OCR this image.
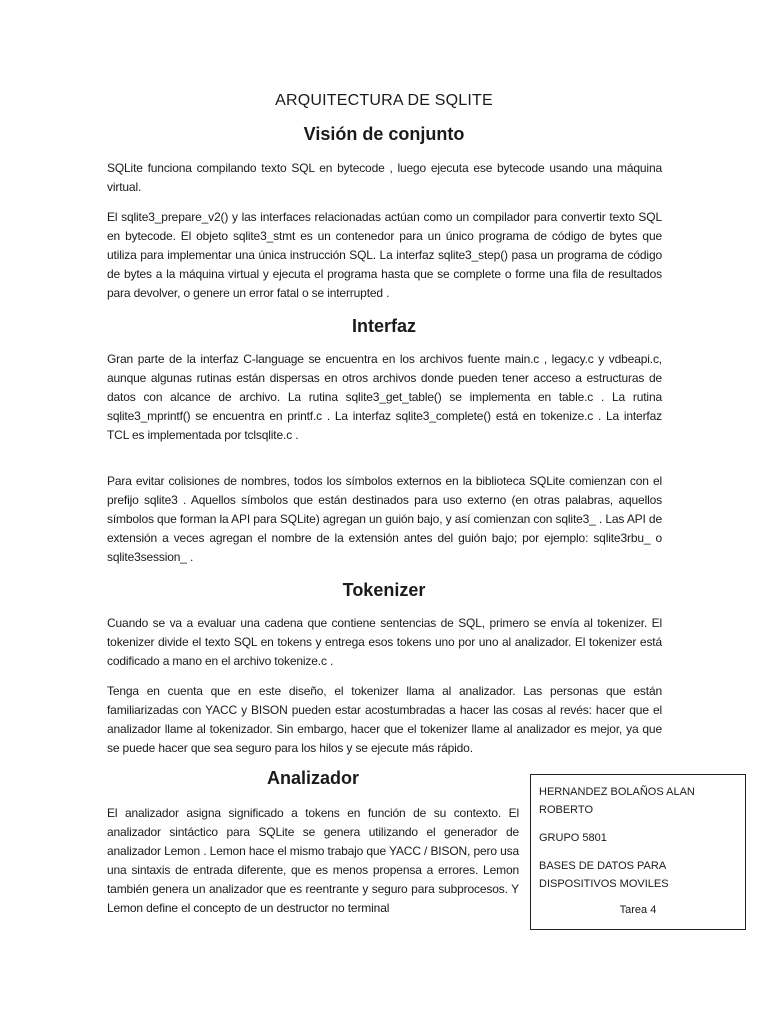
ARQUITECTURA DE SQLITE
Visión de conjunto

SQLite funciona compilando texto SQL en bytecode , luego ejecuta ese bytecode usando una máquina virtual.

El sqlite3_prepare_v2() y las interfaces relacionadas actúan como un compilador para convertir texto SQL en bytecode. El objeto sqlite3_stmt es un contenedor para un único programa de código de bytes que utiliza para implementar una única instrucción SQL. La interfaz sqlite3_step() pasa un programa de código de bytes a la máquina virtual y ejecuta el programa hasta que se complete o forme una fila de resultados para devolver, o genere un error fatal o se interrupted .

Interfaz

Gran parte de la interfaz C-language se encuentra en los archivos fuente main.c , legacy.c y vdbeapi.c, aunque algunas rutinas están dispersas en otros archivos donde pueden tener acceso a estructuras de datos con alcance de archivo. La rutina sqlite3_get_table() se implementa en table.c . La rutina sqlite3_mprintf() se encuentra en printf.c . La interfaz sqlite3_complete() está en tokenize.c . La interfaz TCL es implementada por tclsqlite.c .

Para evitar colisiones de nombres, todos los símbolos externos en la biblioteca SQLite comienzan con el prefijo sqlite3 . Aquellos símbolos que están destinados para uso externo (en otras palabras, aquellos símbolos que forman la API para SQLite) agregan un guión bajo, y así comienzan con sqlite3_ . Las API de extensión a veces agregan el nombre de la extensión antes del guión bajo; por ejemplo: sqlite3rbu_ o sqlite3session_ .

Tokenizer

Cuando se va a evaluar una cadena que contiene sentencias de SQL, primero se envía al tokenizer. El tokenizer divide el texto SQL en tokens y entrega esos tokens uno por uno al analizador. El tokenizer está codificado a mano en el archivo tokenize.c .

Tenga en cuenta que en este diseño, el tokenizer llama al analizador. Las personas que están familiarizadas con YACC y BISON pueden estar acostumbradas a hacer las cosas al revés: hacer que el analizador llame al tokenizador. Sin embargo, hacer que el tokenizer llame al analizador es mejor, ya que se puede hacer que sea seguro para los hilos y se ejecute más rápido.

Analizador

El analizador asigna significado a tokens en función de su contexto. El analizador sintáctico para SQLite se genera utilizando el generador de analizador Lemon . Lemon hace el mismo trabajo que YACC / BISON, pero usa una sintaxis de entrada diferente, que es menos propensa a errores. Lemon también genera un analizador que es reentrante y seguro para subprocesos. Y Lemon define el concepto de un destructor no terminal

HERNANDEZ BOLAÑOS ALAN
ROBERTO
GRUPO 5801
BASES DE DATOS PARA
DISPOSITIVOS MOVILES
Tarea 4
